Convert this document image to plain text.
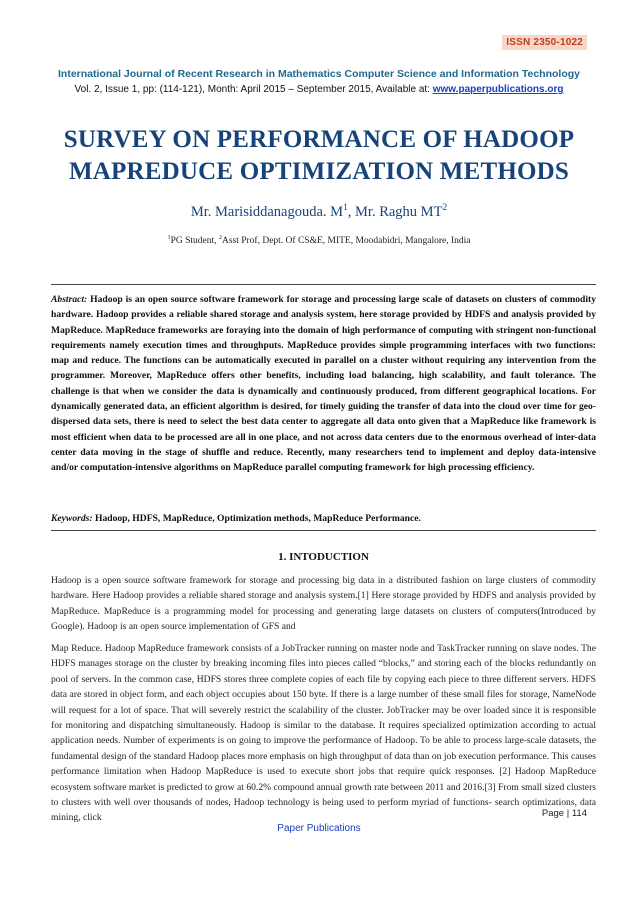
ISSN 2350-1022
International Journal of Recent Research in Mathematics Computer Science and Information Technology
Vol. 2, Issue 1, pp: (114-121), Month: April 2015 – September 2015, Available at: www.paperpublications.org
SURVEY ON PERFORMANCE OF HADOOP
MAPREDUCE OPTIMIZATION METHODS
Mr. Marisiddanagouda. $M^1$, Mr. Raghu $MT^2$
$^1$PG Student, $^2$Asst Prof, Dept. Of CS&E, MITE, Moodabidri, Mangalore, India
Abstract: Hadoop is an open source software framework for storage and processing large scale of datasets on clusters of commodity hardware. Hadoop provides a reliable shared storage and analysis system, here storage provided by HDFS and analysis provided by MapReduce. MapReduce frameworks are foraying into the domain of high performance of computing with stringent non-functional requirements namely execution times and throughputs. MapReduce provides simple programming interfaces with two functions: map and reduce. The functions can be automatically executed in parallel on a cluster without requiring any intervention from the programmer. Moreover, MapReduce offers other benefits, including load balancing, high scalability, and fault tolerance. The challenge is that when we consider the data is dynamically and continuously produced, from different geographical locations. For dynamically generated data, an efficient algorithm is desired, for timely guiding the transfer of data into the cloud over time for geo-dispersed data sets, there is need to select the best data center to aggregate all data onto given that a MapReduce like framework is most efficient when data to be processed are all in one place, and not across data centers due to the enormous overhead of inter-data center data moving in the stage of shuffle and reduce. Recently, many researchers tend to implement and deploy data-intensive and/or computation-intensive algorithms on MapReduce parallel computing framework for high processing efficiency.
Keywords: Hadoop, HDFS, MapReduce, Optimization methods, MapReduce Performance.
1. INTODUCTION

Hadoop is a open source software framework for storage and processing big data in a distributed fashion on large clusters of commodity hardware. Here Hadoop provides a reliable shared storage and analysis system.[1] Here storage provided by HDFS and analysis provided by MapReduce. MapReduce is a programming model for processing and generating large datasets on clusters of computers(Introduced by Google). Hadoop is an open source implementation of GFS and

Map Reduce. Hadoop MapReduce framework consists of a JobTracker running on master node and TaskTracker running on slave nodes. The HDFS manages storage on the cluster by breaking incoming files into pieces called “blocks,” and storing each of the blocks redundantly on pool of servers. In the common case, HDFS stores three complete copies of each file by copying each piece to three different servers. HDFS data are stored in object form, and each object occupies about 150 byte. If there is a large number of these small files for storage, NameNode will request for a lot of space. That will severely restrict the scalability of the cluster. JobTracker may be over loaded since it is responsible for monitoring and dispatching simultaneously. Hadoop is similar to the database. It requires specialized optimization according to actual application needs. Number of experiments is on going to improve the performance of Hadoop. To be able to process large-scale datasets, the fundamental design of the standard Hadoop places more emphasis on high throughput of data than on job execution performance. This causes performance limitation when Hadoop MapReduce is used to execute short jobs that require quick responses. [2] Hadoop MapReduce ecosystem software market is predicted to grow at 60.2% compound annual growth rate between 2011 and 2016.[3] From small sized clusters to clusters with well over thousands of nodes, Hadoop technology is being used to perform myriad of functions- search optimizations, data mining, click	Page | 114
Paper Publications
